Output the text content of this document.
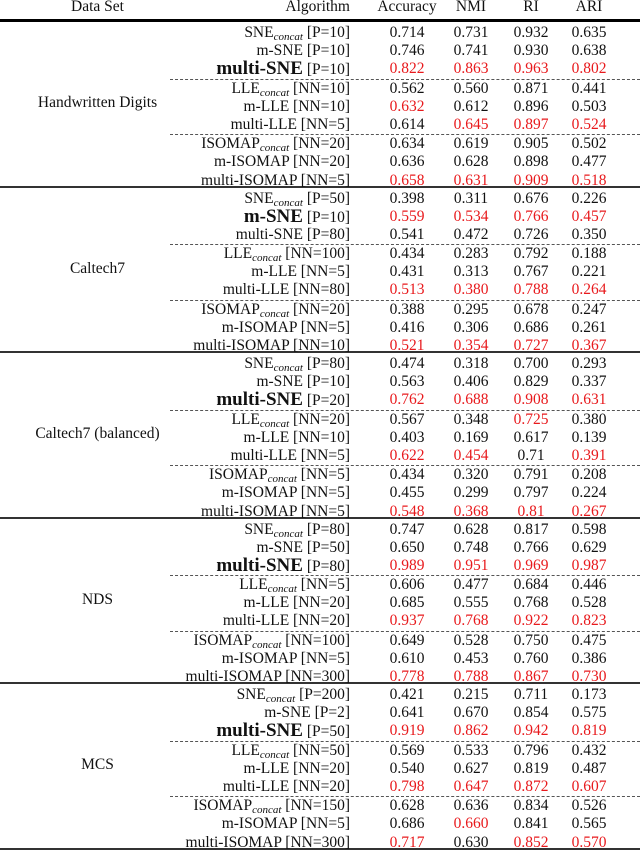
Data Set	Algorithm	Accuracy	NMI	RI	ARI
Handwritten Digits
$SNE_{concat}$ [P=10]	0.714	0.731	0.932	0.635
m-SNE [P=10]	0.746	0.741	0.930	0.638
multi-SNE [P=10]	0.822	0.863	0.963	0.802
$LLE_{concat}$ [NN=10]	0.562	0.560	0.871	0.441
m-LLE [NN=10]	0.632	0.612	0.896	0.503
multi-LLE [NN=5]	0.614	0.645	0.897	0.524
$ISOMAP_{concat}$ [NN=20]	0.634	0.619	0.905	0.502
m-ISOMAP [NN=20]	0.636	0.628	0.898	0.477
multi-ISOMAP [NN=5]	0.658	0.631	0.909	0.518
Caltech7
$SNE_{concat}$ [P=50]	0.398	0.311	0.676	0.226
m-SNE [P=10]	0.559	0.534	0.766	0.457
multi-SNE [P=80]	0.541	0.472	0.726	0.350
$LLE_{concat}$ [NN=100]	0.434	0.283	0.792	0.188
m-LLE [NN=5]	0.431	0.313	0.767	0.221
multi-LLE [NN=80]	0.513	0.380	0.788	0.264
$ISOMAP_{concat}$ [NN=20]	0.388	0.295	0.678	0.247
m-ISOMAP [NN=5]	0.416	0.306	0.686	0.261
multi-ISOMAP [NN=10]	0.521	0.354	0.727	0.367
Caltech7 (balanced)
$SNE_{concat}$ [P=80]	0.474	0.318	0.700	0.293
m-SNE [P=10]	0.563	0.406	0.829	0.337
multi-SNE [P=20]	0.762	0.688	0.908	0.631
$LLE_{concat}$ [NN=20]	0.567	0.348	0.725	0.380
m-LLE [NN=10]	0.403	0.169	0.617	0.139
multi-LLE [NN=5]	0.622	0.454	0.71	0.391
$ISOMAP_{concat}$ [NN=5]	0.434	0.320	0.791	0.208
m-ISOMAP [NN=5]	0.455	0.299	0.797	0.224
multi-ISOMAP [NN=5]	0.548	0.368	0.81	0.267
NDS
$SNE_{concat}$ [P=80]	0.747	0.628	0.817	0.598
m-SNE [P=50]	0.650	0.748	0.766	0.629
multi-SNE [P=80]	0.989	0.951	0.969	0.987
$LLE_{concat}$ [NN=5]	0.606	0.477	0.684	0.446
m-LLE [NN=20]	0.685	0.555	0.768	0.528
multi-LLE [NN=20]	0.937	0.768	0.922	0.823
$ISOMAP_{concat}$ [NN=100]	0.649	0.528	0.750	0.475
m-ISOMAP [NN=5]	0.610	0.453	0.760	0.386
multi-ISOMAP [NN=300]	0.778	0.788	0.867	0.730
MCS
$SNE_{concat}$ [P=200]	0.421	0.215	0.711	0.173
m-SNE [P=2]	0.641	0.670	0.854	0.575
multi-SNE [P=50]	0.919	0.862	0.942	0.819
$LLE_{concat}$ [NN=50]	0.569	0.533	0.796	0.432
m-LLE [NN=20]	0.540	0.627	0.819	0.487
multi-LLE [NN=20]	0.798	0.647	0.872	0.607
$ISOMAP_{concat}$ [NN=150]	0.628	0.636	0.834	0.526
m-ISOMAP [NN=5]	0.686	0.660	0.841	0.565
multi-ISOMAP [NN=300]	0.717	0.630	0.852	0.570
